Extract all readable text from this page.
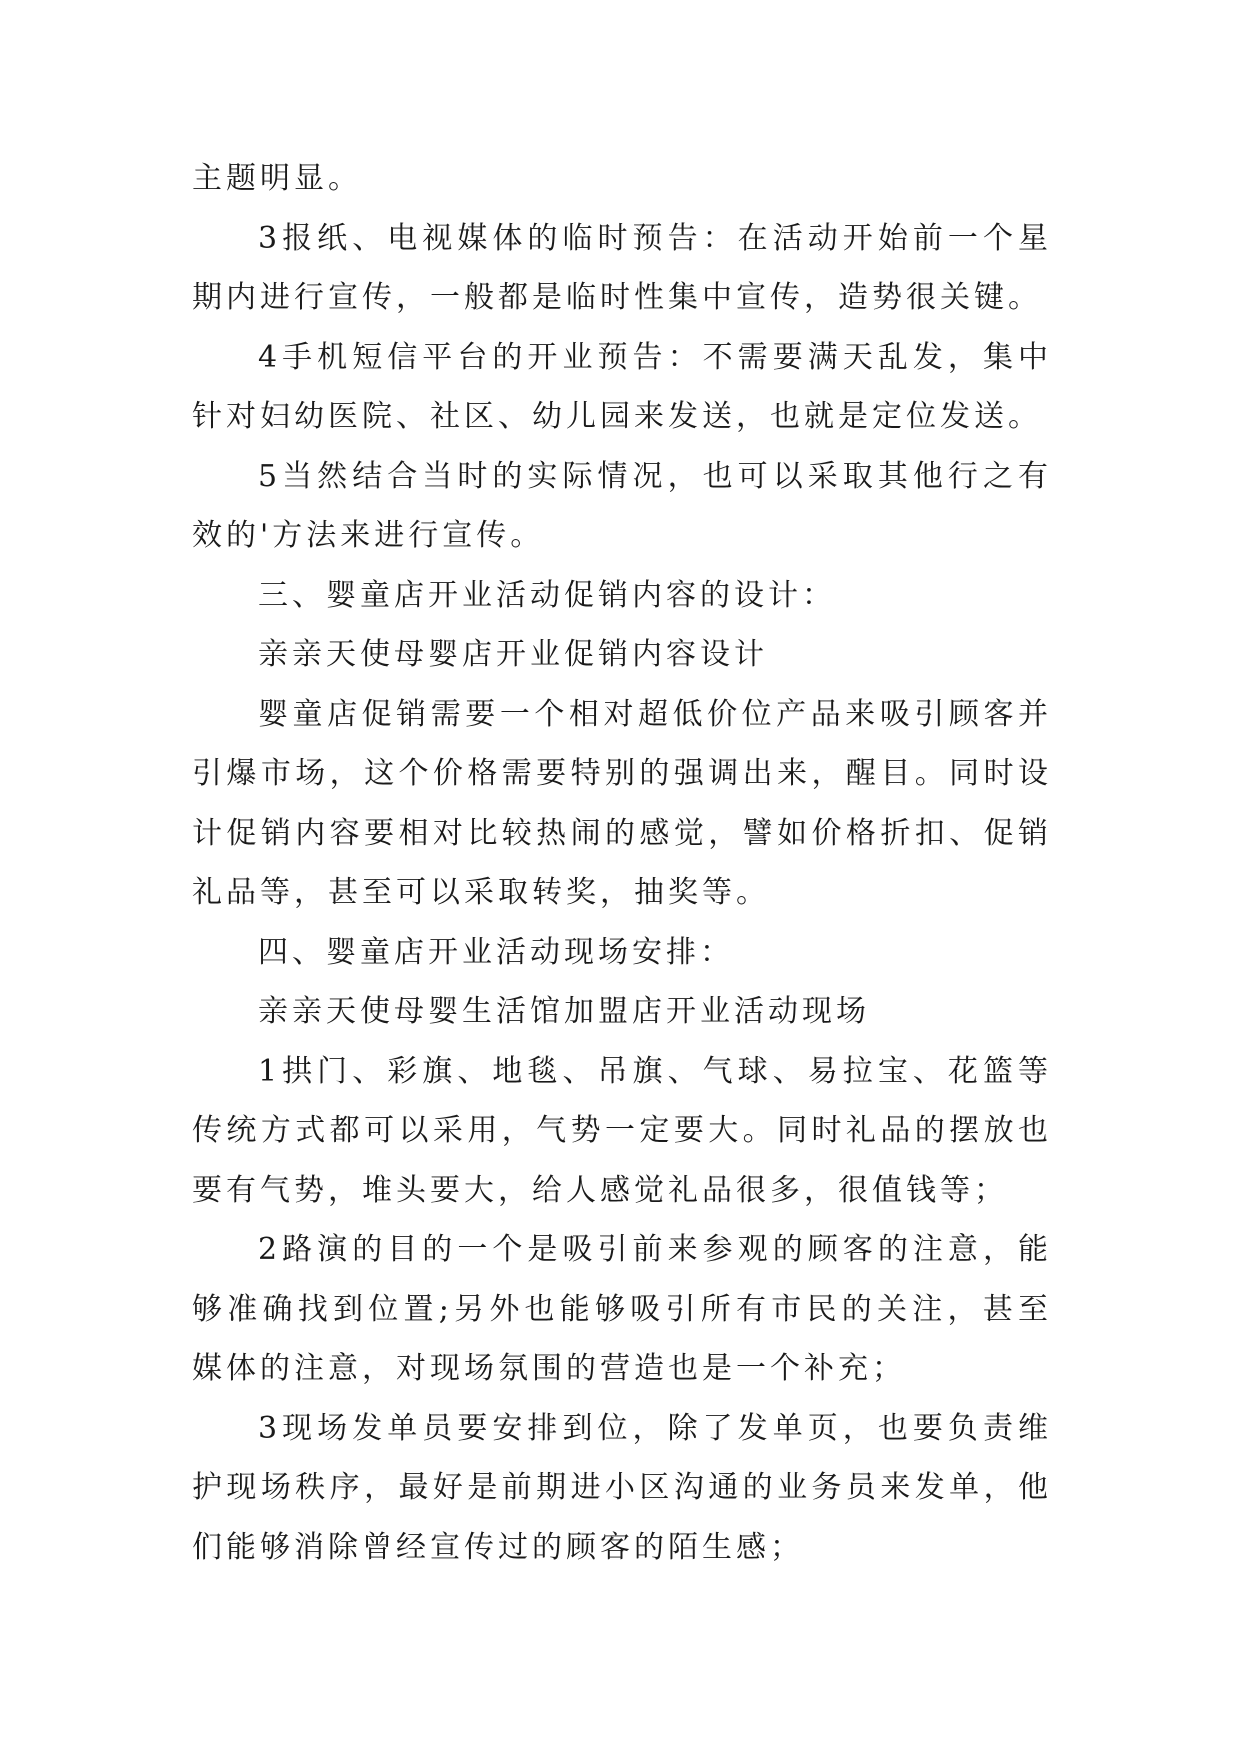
主题明显。

3报纸、电视媒体的临时预告：在活动开始前一个星期内进行宣传，一般都是临时性集中宣传，造势很关键。

4手机短信平台的开业预告：不需要满天乱发，集中针对妇幼医院、社区、幼儿园来发送，也就是定位发送。

5当然结合当时的实际情况，也可以采取其他行之有效的'方法来进行宣传。

三、婴童店开业活动促销内容的设计：

亲亲天使母婴店开业促销内容设计

婴童店促销需要一个相对超低价位产品来吸引顾客并引爆市场，这个价格需要特别的强调出来，醒目。同时设计促销内容要相对比较热闹的感觉，譬如价格折扣、促销礼品等，甚至可以采取转奖，抽奖等。

四、婴童店开业活动现场安排：

亲亲天使母婴生活馆加盟店开业活动现场

1拱门、彩旗、地毯、吊旗、气球、易拉宝、花篮等传统方式都可以采用，气势一定要大。同时礼品的摆放也要有气势，堆头要大，给人感觉礼品很多，很值钱等；

2路演的目的一个是吸引前来参观的顾客的注意，能够准确找到位置;另外也能够吸引所有市民的关注，甚至媒体的注意，对现场氛围的营造也是一个补充；

3现场发单员要安排到位，除了发单页，也要负责维护现场秩序，最好是前期进小区沟通的业务员来发单，他们能够消除曾经宣传过的顾客的陌生感；
